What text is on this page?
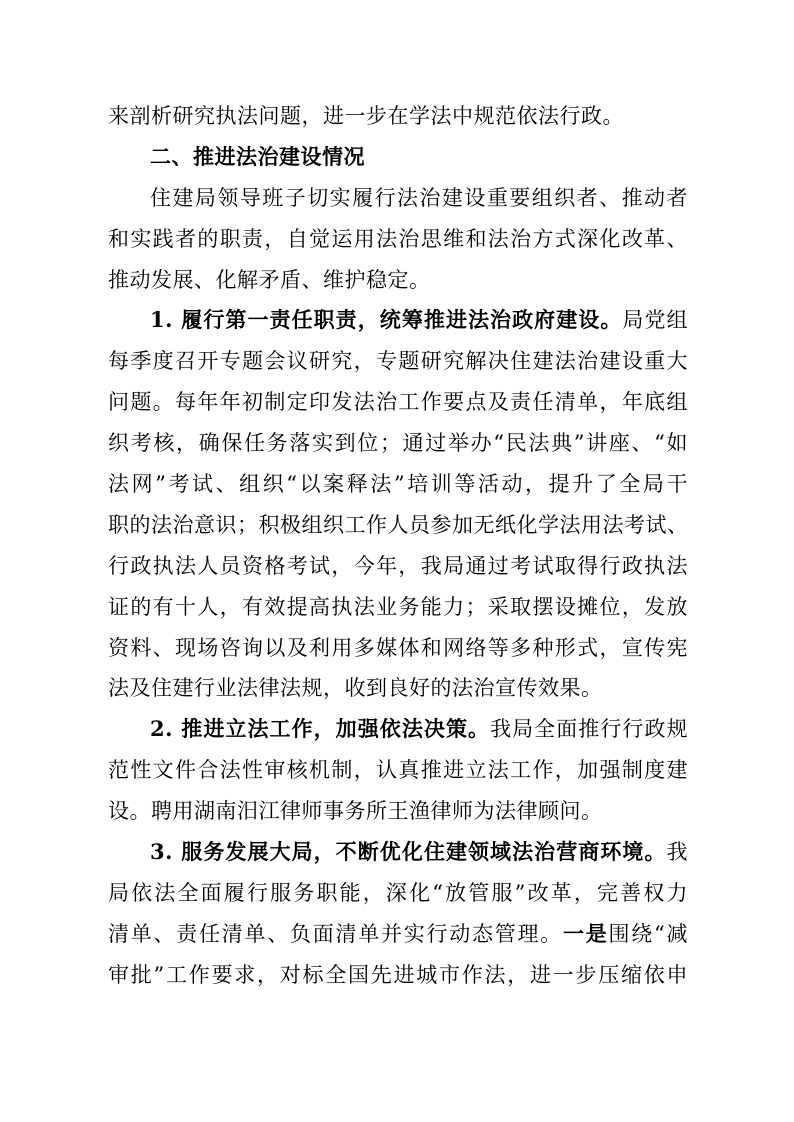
来剖析研究执法问题，进一步在学法中规范依法行政。
二、推进法治建设情况
住建局领导班子切实履行法治建设重要组织者、推动者
和实践者的职责，自觉运用法治思维和法治方式深化改革、
推动发展、化解矛盾、维护稳定。
1. 履行第一责任职责，统筹推进法治政府建设。局党组
每季度召开专题会议研究，专题研究解决住建法治建设重大
问题。每年年初制定印发法治工作要点及责任清单，年底组
织考核，确保任务落实到位；通过举办“民法典”讲座、“如
法网”考试、组织“以案释法”培训等活动，提升了全局干
职的法治意识；积极组织工作人员参加无纸化学法用法考试、
行政执法人员资格考试，今年，我局通过考试取得行政执法
证的有十人，有效提高执法业务能力；采取摆设摊位，发放
资料、现场咨询以及利用多媒体和网络等多种形式，宣传宪
法及住建行业法律法规，收到良好的法治宣传效果。
2. 推进立法工作，加强依法决策。我局全面推行行政规
范性文件合法性审核机制，认真推进立法工作，加强制度建
设。聘用湖南汨江律师事务所王渔律师为法律顾问。
3. 服务发展大局，不断优化住建领域法治营商环境。我
局依法全面履行服务职能，深化“放管服”改革，完善权力
清单、责任清单、负面清单并实行动态管理。一是围绕“减
审批”工作要求，对标全国先进城市作法，进一步压缩依申
